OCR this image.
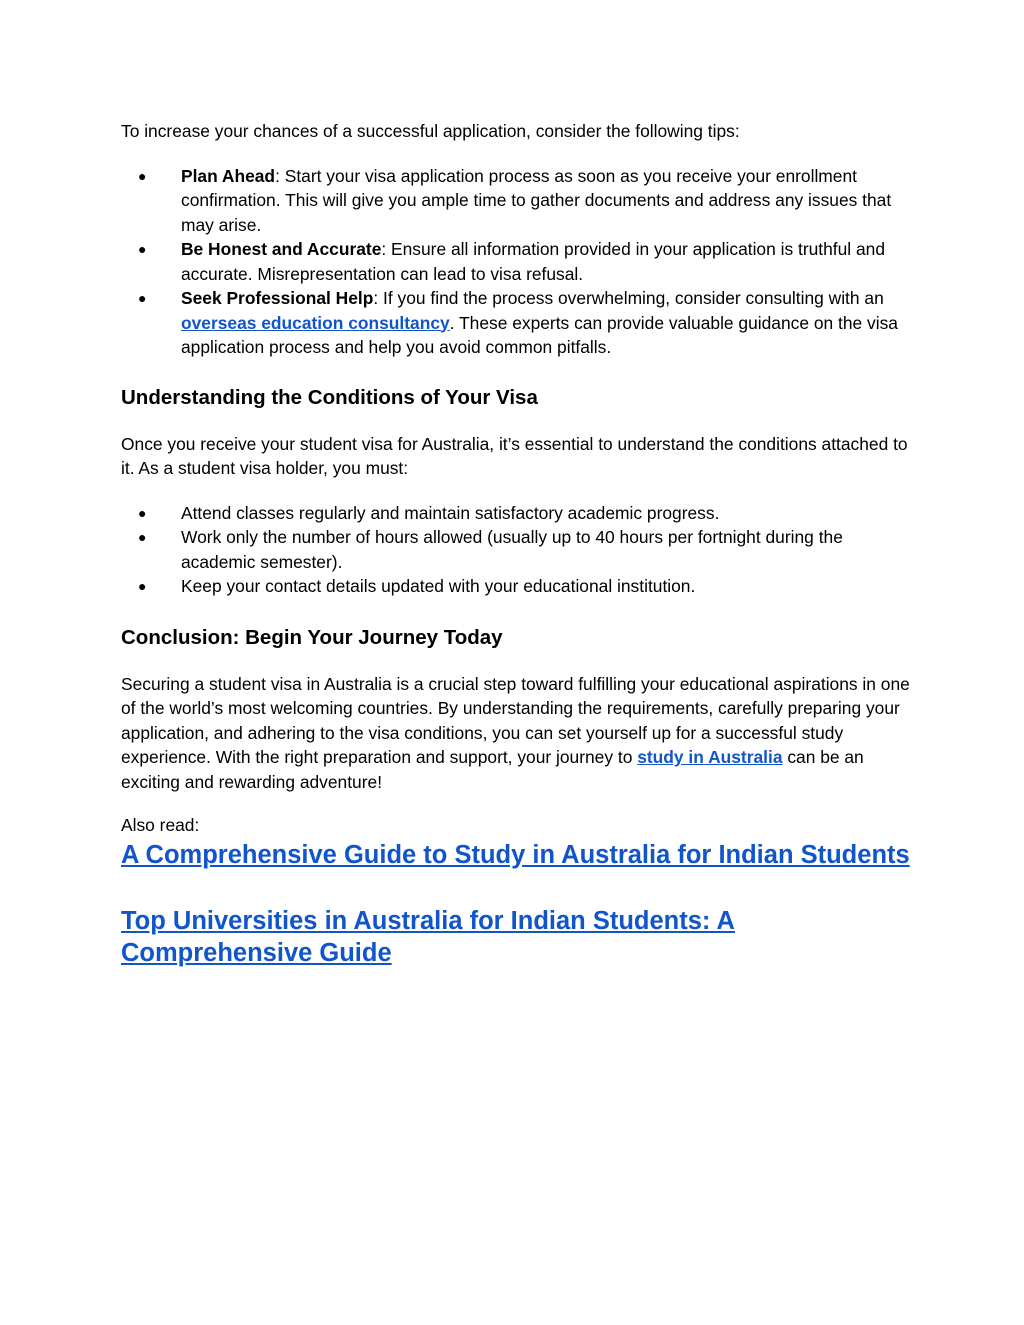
To increase your chances of a successful application, consider the following tips:

● Plan Ahead: Start your visa application process as soon as you receive your enrollment confirmation. This will give you ample time to gather documents and address any issues that may arise.
● Be Honest and Accurate: Ensure all information provided in your application is truthful and accurate. Misrepresentation can lead to visa refusal.
● Seek Professional Help: If you find the process overwhelming, consider consulting with an overseas education consultancy. These experts can provide valuable guidance on the visa application process and help you avoid common pitfalls.
Understanding the Conditions of Your Visa

Once you receive your student visa for Australia, it’s essential to understand the conditions attached to it. As a student visa holder, you must:

● Attend classes regularly and maintain satisfactory academic progress.
● Work only the number of hours allowed (usually up to 40 hours per fortnight during the academic semester).
● Keep your contact details updated with your educational institution.
Conclusion: Begin Your Journey Today

Securing a student visa in Australia is a crucial step toward fulfilling your educational aspirations in one of the world’s most welcoming countries. By understanding the requirements, carefully preparing your application, and adhering to the visa conditions, you can set yourself up for a successful study experience. With the right preparation and support, your journey to study in Australia can be an exciting and rewarding adventure!

Also read:

A Comprehensive Guide to Study in Australia for Indian Students
Top Universities in Australia for Indian Students: A Comprehensive Guide
